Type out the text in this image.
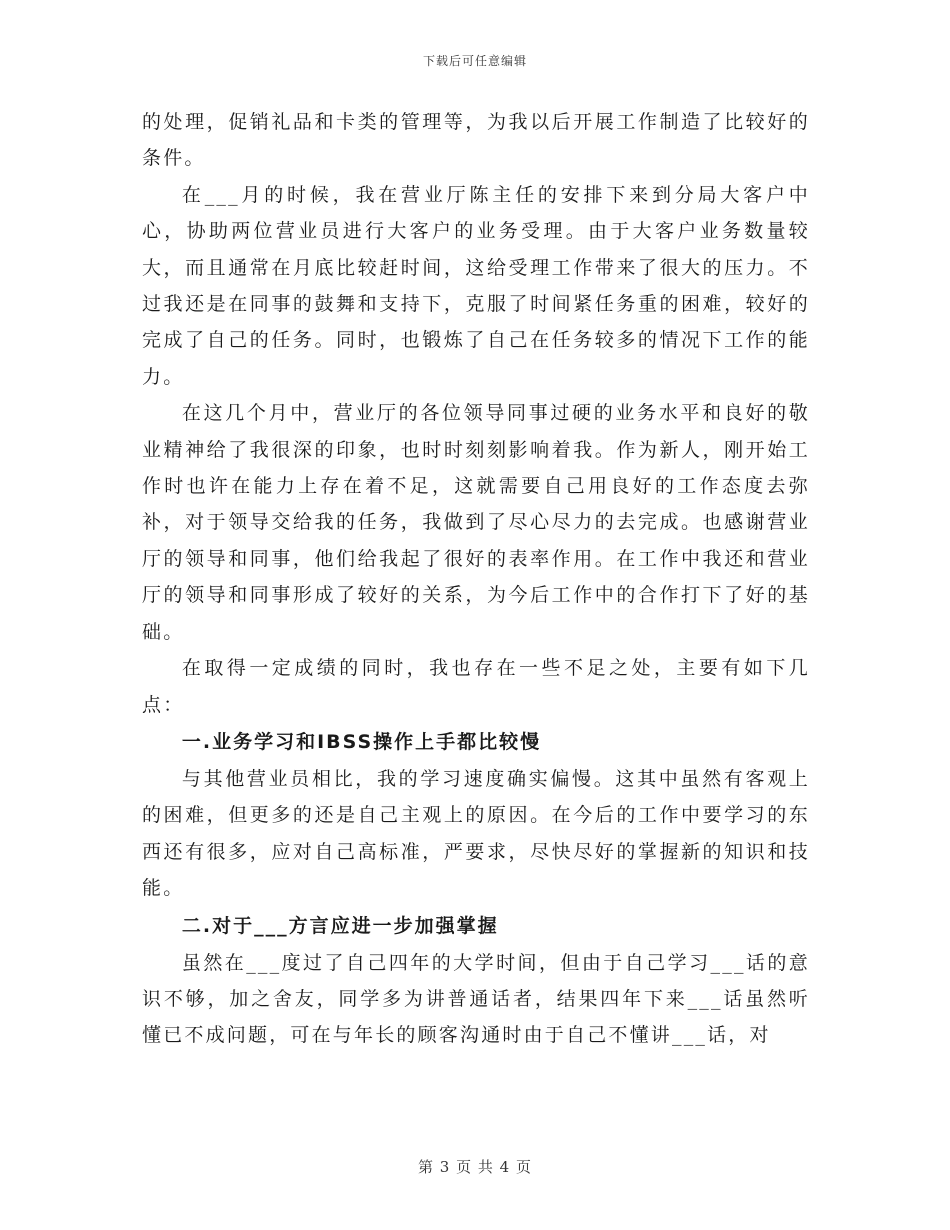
下载后可任意编辑

的处理，促销礼品和卡类的管理等，为我以后开展工作制造了比较好的条件。

在___月的时候，我在营业厅陈主任的安排下来到分局大客户中心，协助两位营业员进行大客户的业务受理。由于大客户业务数量较大，而且通常在月底比较赶时间，这给受理工作带来了很大的压力。不过我还是在同事的鼓舞和支持下，克服了时间紧任务重的困难，较好的完成了自己的任务。同时，也锻炼了自己在任务较多的情况下工作的能力。

在这几个月中，营业厅的各位领导同事过硬的业务水平和良好的敬业精神给了我很深的印象，也时时刻刻影响着我。作为新人，刚开始工作时也许在能力上存在着不足，这就需要自己用良好的工作态度去弥补，对于领导交给我的任务，我做到了尽心尽力的去完成。也感谢营业厅的领导和同事，他们给我起了很好的表率作用。在工作中我还和营业厅的领导和同事形成了较好的关系，为今后工作中的合作打下了好的基础。

在取得一定成绩的同时，我也存在一些不足之处，主要有如下几点：

一.业务学习和IBSS操作上手都比较慢

与其他营业员相比，我的学习速度确实偏慢。这其中虽然有客观上的困难，但更多的还是自己主观上的原因。在今后的工作中要学习的东西还有很多，应对自己高标准，严要求，尽快尽好的掌握新的知识和技能。

二.对于___方言应进一步加强掌握

虽然在___度过了自己四年的大学时间，但由于自己学习___话的意识不够，加之舍友，同学多为讲普通话者，结果四年下来___话虽然听懂已不成问题，可在与年长的顾客沟通时由于自己不懂讲___话，对

第 3 页 共 4 页
